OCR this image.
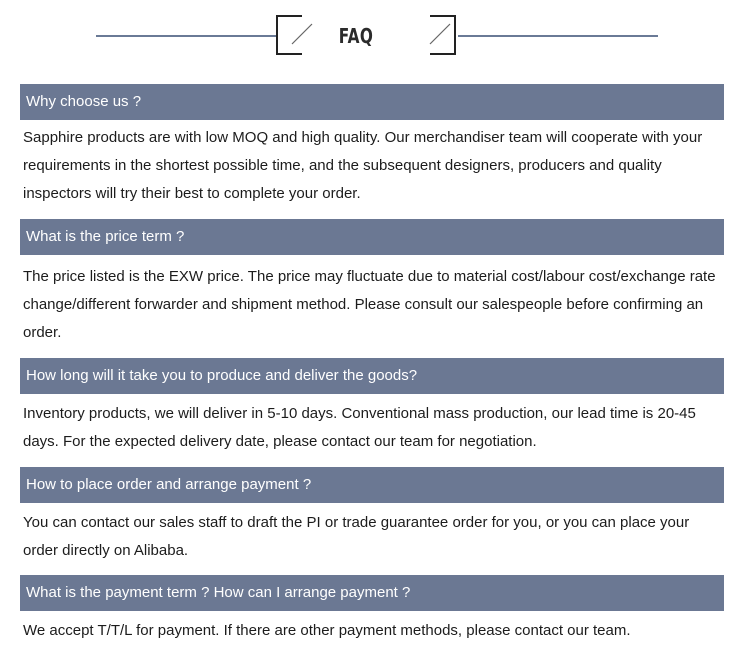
FAQ
Why choose us ?
Sapphire products are with low MOQ and high quality. Our merchandiser team will cooperate with your requirements in the shortest possible time, and the subsequent designers, producers and quality inspectors will try their best to complete your order.
What is the price term ?
The price listed is the EXW price. The price may fluctuate due to material cost/labour cost/exchange rate change/different forwarder and shipment method. Please consult our salespeople before confirming an order.
How long will it take you to produce and deliver the goods?
Inventory products, we will deliver in 5-10 days. Conventional mass production, our lead time is 20-45 days. For the expected delivery date, please contact our team for negotiation.
How to place order and arrange payment ?
You can contact our sales staff to draft the PI or trade guarantee order for you, or you can place your order directly on Alibaba.
What is the payment term ? How can I arrange payment ?
We accept T/T/L for payment. If there are other payment methods, please contact our team.
